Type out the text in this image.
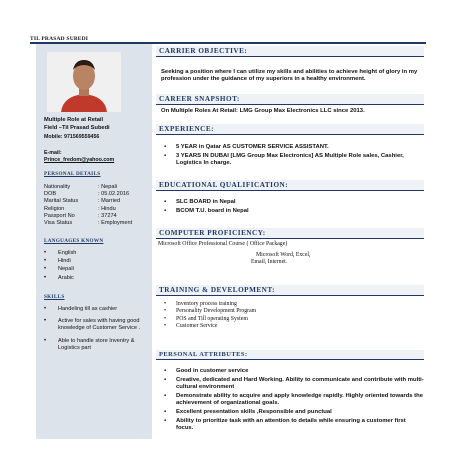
TIL PRASAD SUBEDI
Multiple Role at Retail
Field –Til Prasad Subedi
Mobile: 971569559456
E-mail:
Prince_fredom@yahoo.com
PERSONAL DETAILS
Nationality	: Nepali
DOB	: 05.02.2016
Marital Status	: Married
Religion	: Hindu
Passport No	: 37274
Visa Status	: Employment
LANGUAGES KNOWN
• English
• Hindi
• Nepali
• Arabic
SKILLS
• Handeling till as cashier
• Active for sales with having good knowledge of Customer Service .
• Able to handle store Inventry & Logistics part
CARRIER OBJECTIVE:
Seeking a position where I can utilize my skills and abilities to achieve height of glory in my profession under the guidance of my superiors in a healthy environment.
CAREER SNAPSHOT:
On Multiple Roles At Retail: LMG Group Max Electronics LLC since 2013.
EXPERIENCE:
▪ 5 YEAR in Qatar AS CUSTOMER SERVICE ASSISTANT.
▪ 3 YEARS IN DUBAI [LMG Group Max Electronics] AS Multiple Role sales, Cashier, Logistics In charge.
EDUCATIONAL QUALIFICATION:
▪ SLC BOARD in Nepal
▪ BCOM T.U. board in Nepal
COMPUTER PROFICIENCY:
Microsoft Office Professional Course ( Office Package)
Microsoft Word, Excel,
Email, Internet.
TRAINING & DEVELOPMENT:
• Inventory process training
• Personality Development Program
• POS and Till operating System
• Customer Service
PERSONAL ATTRIBUTES:
▪ Good in customer service
▪ Creative, dedicated and Hard Working. Ability to communicate and contribute with multi-cultural environment
▪ Demonstrate ability to acquire and apply knowledge rapidly. Highly oriented towards the achievement of organizational goals.
▪ Excellent presentation skills ,Responsible and punctual
▪ Ability to prioritize task with an attention to details while ensuring a customer first focus.
